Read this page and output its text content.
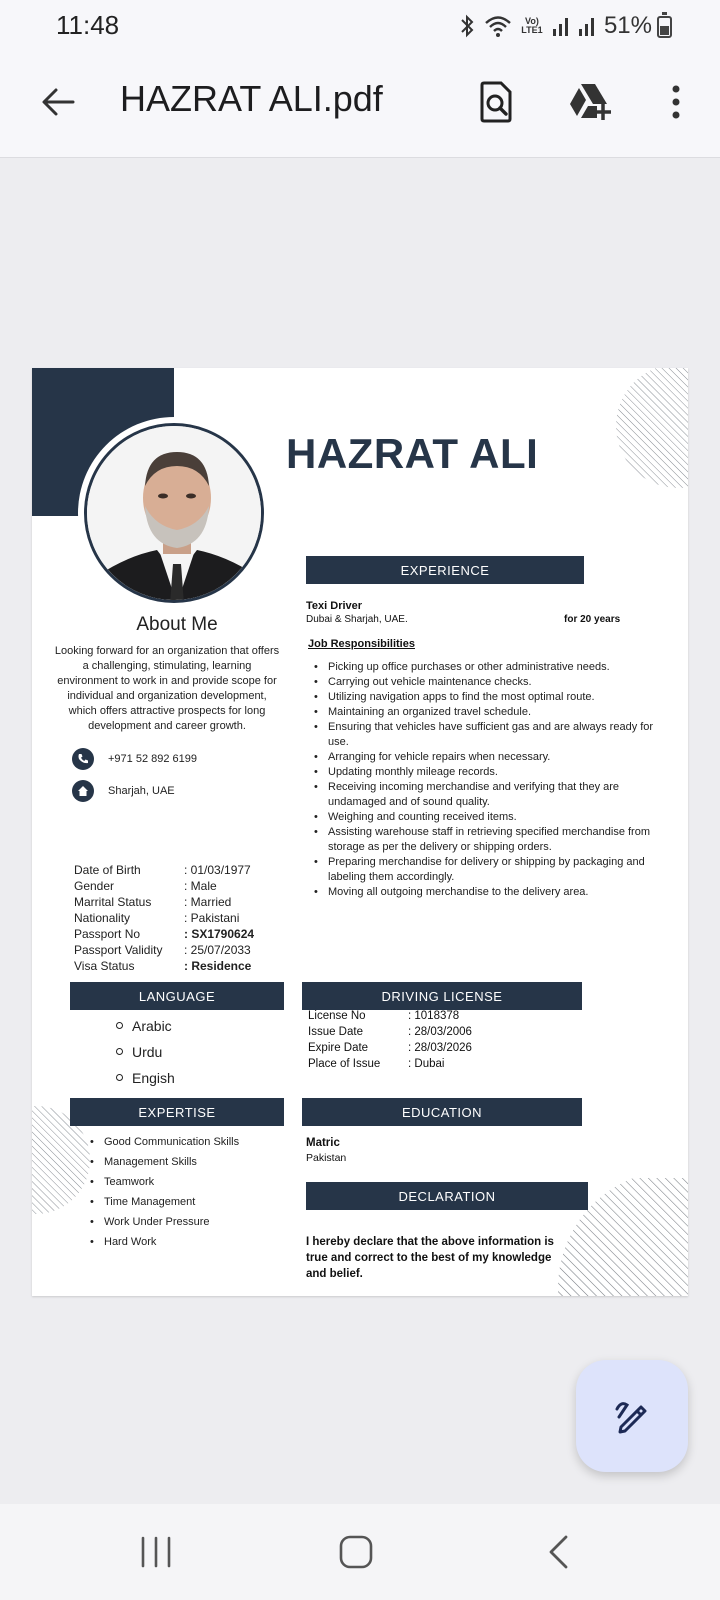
11:48	Vo) LTE1	51%
HAZRAT ALI.pdf
HAZRAT ALI
About Me
Looking forward for an organization that offers a challenging, stimulating, learning environment to work in and provide scope for individual and organization development, which offers attractive prospects for long development and career growth.
+971 52 892 6199
Sharjah, UAE
Date of Birth	: 01/03/1977
Gender	: Male
Marrital Status	: Married
Nationality	: Pakistani
Passport No	: SX1790624
Passport Validity : 25/07/2033
Visa Status	: Residence
EXPERIENCE
Texi Driver
Dubai & Sharjah, UAE.	for 20 years
Job Responsibilities
• Picking up office purchases or other administrative needs.
• Carrying out vehicle maintenance checks.
• Utilizing navigation apps to find the most optimal route.
• Maintaining an organized travel schedule.
• Ensuring that vehicles have sufficient gas and are always ready for use.
• Arranging for vehicle repairs when necessary.
• Updating monthly mileage records.
• Receiving incoming merchandise and verifying that they are undamaged and of sound quality.
• Weighing and counting received items.
• Assisting warehouse staff in retrieving specified merchandise from storage as per the delivery or shipping orders.
• Preparing merchandise for delivery or shipping by packaging and labeling them accordingly.
• Moving all outgoing merchandise to the delivery area.
LANGUAGE
Arabic
Urdu
Engish
DRIVING LICENSE
License No	: 1018378
Issue Date	: 28/03/2006
Expire Date	: 28/03/2026
Place of Issue : Dubai
EXPERTISE
• Good Communication Skills
• Management Skills
• Teamwork
• Time Management
• Work Under Pressure
• Hard Work
EDUCATION
Matric
Pakistan
DECLARATION
I hereby declare that the above information is true and correct to the best of my knowledge and belief.
